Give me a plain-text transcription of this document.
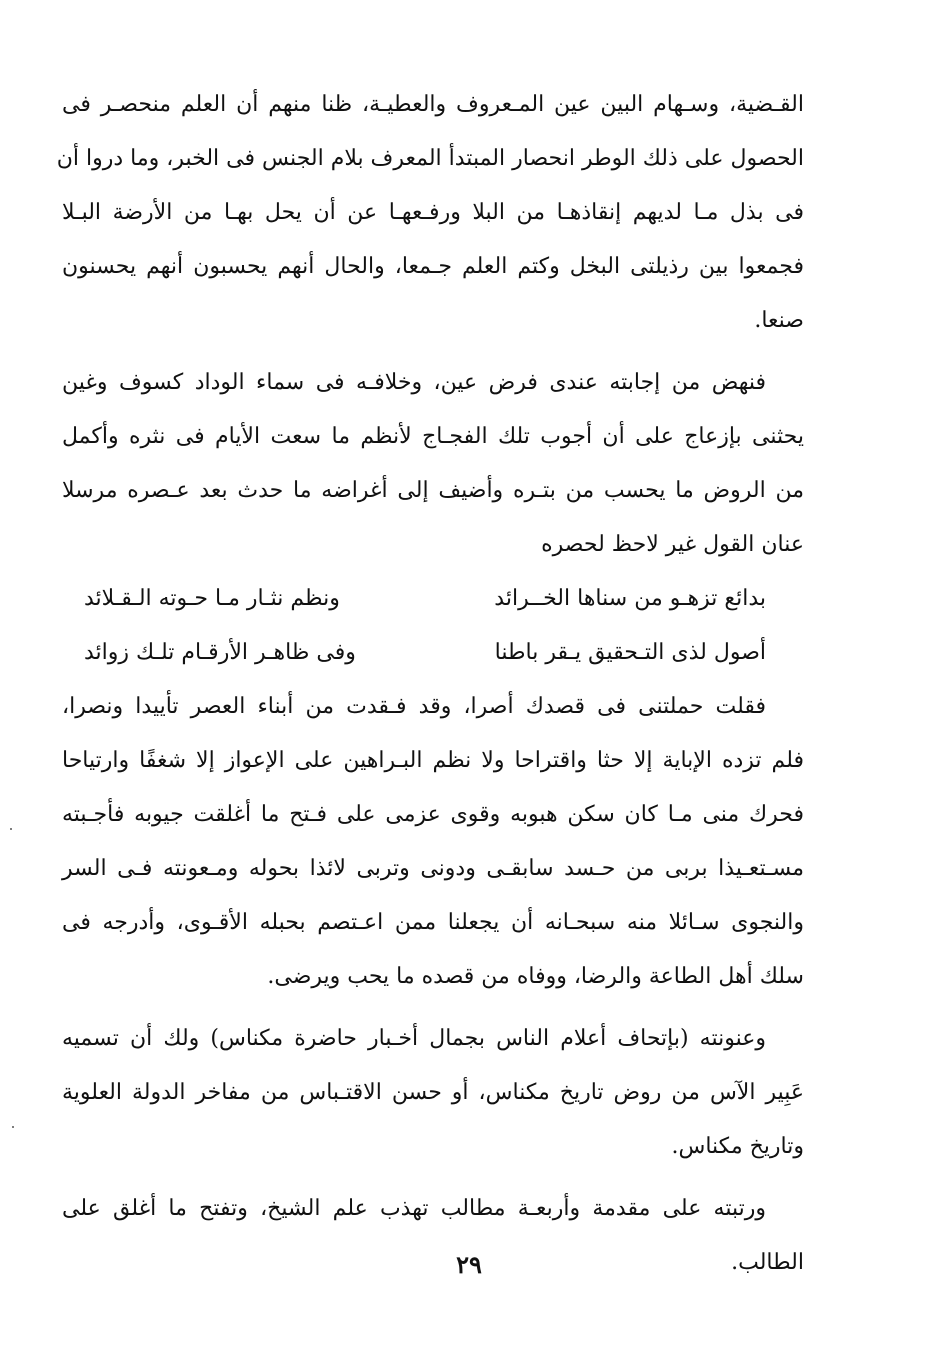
القـضية، وسـهام البين عين المـعروف والعطيـة، ظنا منهم أن العلم منحصـر فى
الحصول على ذلك الوطر انحصار المبتدأ المعرف بلام الجنس فى الخبر، وما دروا أن
فى بذل مـا لديهم إنقاذهـا من البلا ورفـعهـا عن أن يحل بهـا من الأرضة البـلا
فجمعوا بين رذيلتى البخل وكتم العلم جـمعا، والحال أنهم يحسبون أنهم يحسنون
صنعا.
فنهض من إجابته عندى فرض عين، وخلافـه فى سماء الوداد كسوف وغين
يحثنى بإزعاج على أن أجوب تلك الفجـاج لأنظم ما سعت الأيام فى نثره وأكمل
من الروض ما يحسب من بتـره وأضيف إلى أغراضه ما حدث بعد عـصره مرسلا
عنان القول غير لاحظ لحصره
بدائع تزهـو من سناها الخــرائد
ونظم نثـار مـا حـوته الـقـلائد
أصول لذى التـحقيق يـقر باطنا
وفى ظاهـر الأرقـام تلـك زوائد
فقلت حملتنى فى قصدك أصرا، وقد فـقدت من أبناء العصر تأييدا ونصرا،
فلم تزده الإباية إلا حثا واقتراحا ولا نظم البـراهين على الإعواز إلا شغفًا وارتياحا
فحرك منى مـا كان سكن هبوبه وقوى عزمى على فـتح ما أغلقت جيوبه فأجـبته
مسـتعـيذا بربى من حـسد سابقـى ودونى وتربى لائذا بحوله ومـعونته فـى السر
والنجوى سـائلا منه سبحـانه أن يجعلنا ممن اعـتصم بحبله الأقـوى، وأدرجه فى
سلك أهل الطاعة والرضا، ووفاه من قصده ما يحب ويرضى.
وعنونته (بإتحاف أعلام الناس بجمال أخـبار حاضرة مكناس) ولك أن تسميه
عَبِير الآس من روض تاريخ مكناس، أو حسن الاقتـباس من مفاخر الدولة العلوية
وتاريخ مكناس.
ورتبته على مقدمة وأربعـة مطالب تهذب علم الشيخ، وتفتح ما أغلق على
الطالب.
٢٩
